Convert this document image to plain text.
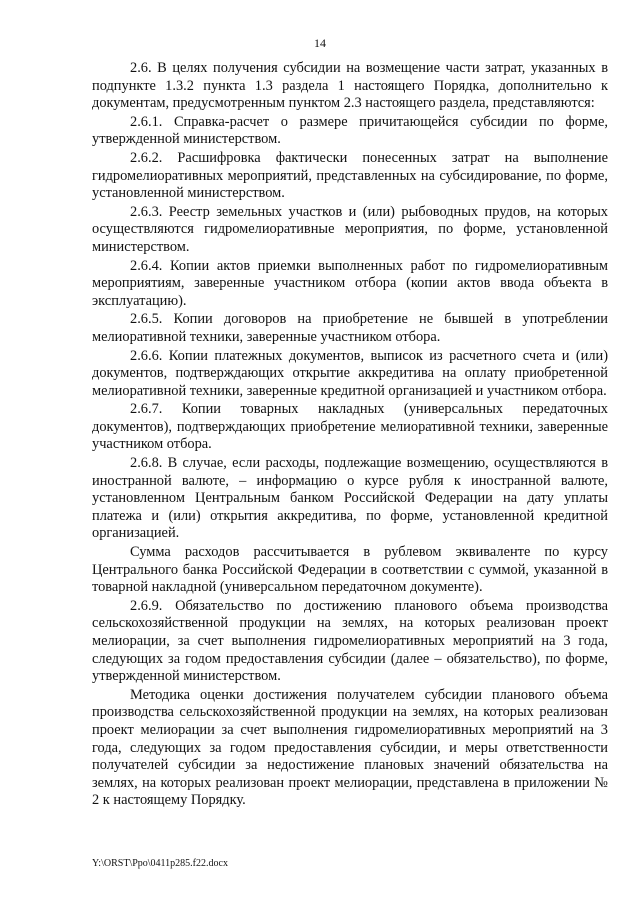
14

2.6. В целях получения субсидии на возмещение части затрат, указанных в подпункте 1.3.2 пункта 1.3 раздела 1 настоящего Порядка, дополнительно к документам, предусмотренным пунктом 2.3 настоящего раздела, представляются:

2.6.1. Справка-расчет о размере причитающейся субсидии по форме, утвержденной министерством.

2.6.2. Расшифровка фактически понесенных затрат на выполнение гидромелиоративных мероприятий, представленных на субсидирование, по форме, установленной министерством.

2.6.3. Реестр земельных участков и (или) рыбоводных прудов, на которых осуществляются гидромелиоративные мероприятия, по форме, установленной министерством.

2.6.4. Копии актов приемки выполненных работ по гидромелиоративным мероприятиям, заверенные участником отбора (копии актов ввода объекта в эксплуатацию).

2.6.5. Копии договоров на приобретение не бывшей в употреблении мелиоративной техники, заверенные участником отбора.

2.6.6. Копии платежных документов, выписок из расчетного счета и (или) документов, подтверждающих открытие аккредитива на оплату приобретенной мелиоративной техники, заверенные кредитной организацией и участником отбора.

2.6.7. Копии товарных накладных (универсальных передаточных документов), подтверждающих приобретение мелиоративной техники, заверенные участником отбора.

2.6.8. В случае, если расходы, подлежащие возмещению, осуществляются в иностранной валюте, – информацию о курсе рубля к иностранной валюте, установленном Центральным банком Российской Федерации на дату уплаты платежа и (или) открытия аккредитива, по форме, установленной кредитной организацией.

Сумма расходов рассчитывается в рублевом эквиваленте по курсу Центрального банка Российской Федерации в соответствии с суммой, указанной в товарной накладной (универсальном передаточном документе).

2.6.9. Обязательство по достижению планового объема производства сельскохозяйственной продукции на землях, на которых реализован проект мелиорации, за счет выполнения гидромелиоративных мероприятий на 3 года, следующих за годом предоставления субсидии (далее – обязательство), по форме, утвержденной министерством.

Методика оценки достижения получателем субсидии планового объема производства сельскохозяйственной продукции на землях, на которых реализован проект мелиорации за счет выполнения гидромелиоративных мероприятий на 3 года, следующих за годом предоставления субсидии, и меры ответственности получателей субсидии за недостижение плановых значений обязательства на землях, на которых реализован проект мелиорации, представлена в приложении № 2 к настоящему Порядку.

Y:\ORST\Ppo\0411p285.f22.docx
